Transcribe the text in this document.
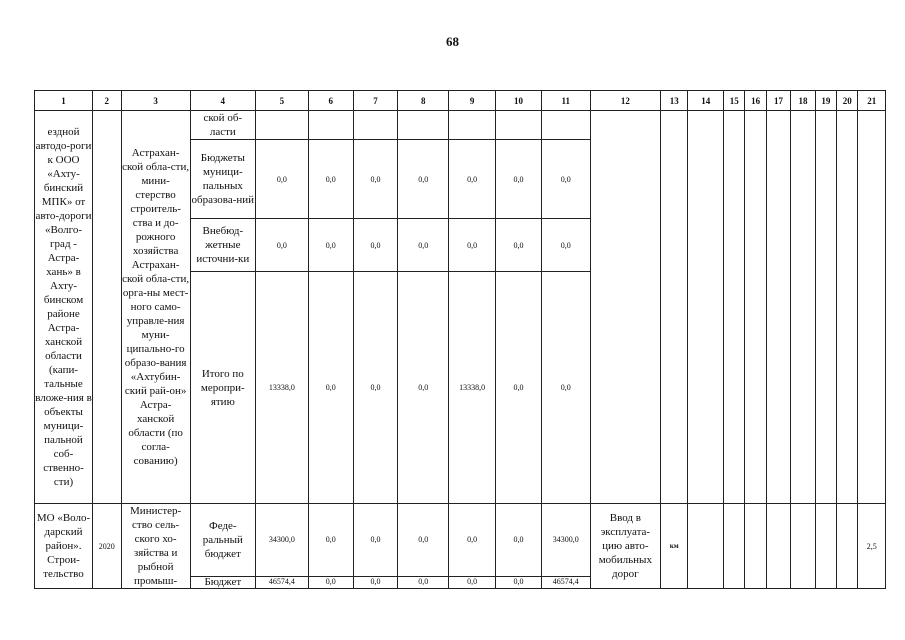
68
1	2	3	4	5	6	7	8	9	10	11	12	13	14	15	16	17	18	19	20	21
ездной автодо-роги к ООО «Ахту-бинский МПК» от авто-дороги «Волго-град - Астра-хань» в Ахту-бинском районе Астра-ханской области (капи-тальные вложе-ния в объекты муници-пальной соб-ственно-сти)		Астрахан-ской обла-сти, мини-стерство строитель-ства и до-рожного хозяйства Астрахан-ской обла-сти, орга-ны мест-ного само-управле-ния муни-ципально-го образо-вания «Ахтубин-ский рай-он» Астра-ханской области (по согла-сованию)	ской об-ласти																	
			Бюджеты муници-пальных образова-ний	0,0	0,0	0,0	0,0	0,0	0,0	0,0										
			Внебюд-жетные источни-ки	0,0	0,0	0,0	0,0	0,0	0,0	0,0										
			Итого по меропри-ятию	13338,0	0,0	0,0	0,0	13338,0	0,0	0,0										
МО «Воло-дарский район». Строи-тельство	2020	Министер-ство сель-ского хо-зяйства и рыбной промыш-	Феде-ральный бюджет	34300,0	0,0	0,0	0,0	0,0	0,0	34300,0	Ввод в эксплуата-цию авто-мобильных дорог	км								2,5
			Бюджет	46574,4	0,0	0,0	0,0	0,0	0,0	46574,4										
